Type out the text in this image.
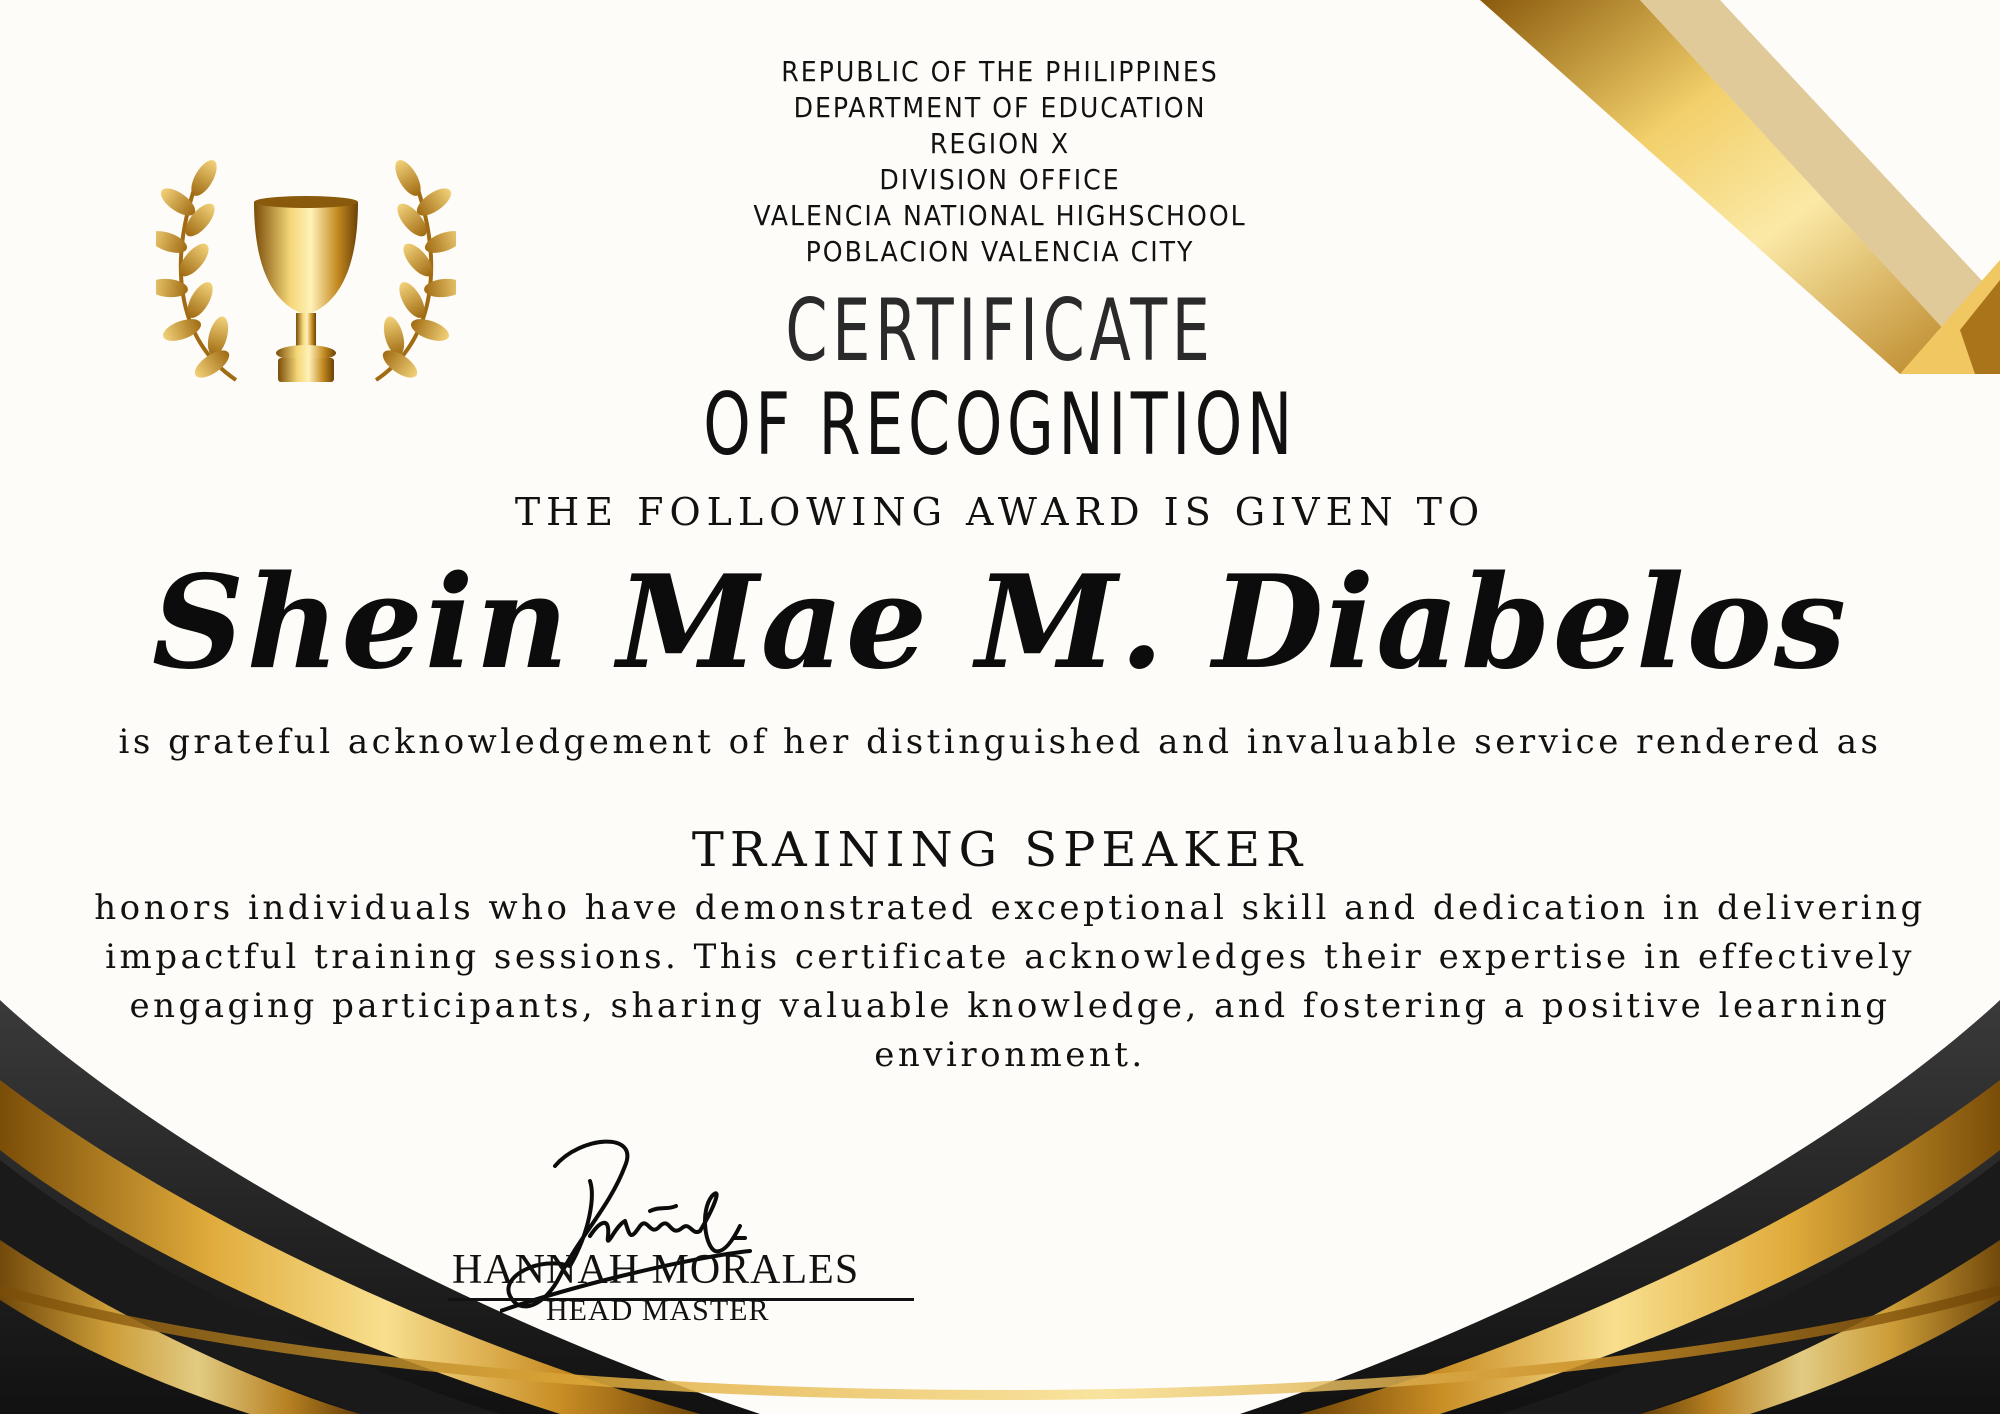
REPUBLIC OF THE PHILIPPINES
DEPARTMENT OF EDUCATION
REGION X
DIVISION OFFICE
VALENCIA NATIONAL HIGHSCHOOL
POBLACION VALENCIA CITY
CERTIFICATE
OF RECOGNITION
THE FOLLOWING AWARD IS GIVEN TO
Shein Mae M. Diabelos
is grateful acknowledgement of her distinguished and invaluable service rendered as
TRAINING SPEAKER
honors individuals who have demonstrated exceptional skill and dedication in delivering impactful training sessions. This certificate acknowledges their expertise in effectively engaging participants, sharing valuable knowledge, and fostering a positive learning environment.
HANNAH MORALES
HEAD MASTER
